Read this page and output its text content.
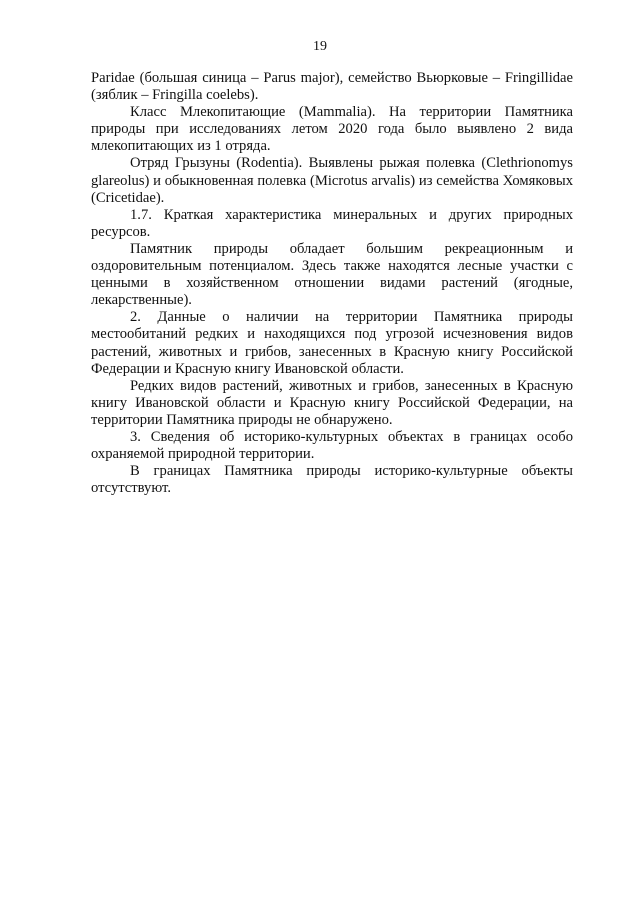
19

Paridae (большая синица – Parus major), семейство Вьюрковые – Fringillidae (зяблик – Fringilla coelebs).

Класс Млекопитающие (Mammalia). На территории Памятника природы при исследованиях летом 2020 года было выявлено 2 вида млекопитающих из 1 отряда.

Отряд Грызуны (Rodentia). Выявлены рыжая полевка (Clethrionomys glareolus) и обыкновенная полевка (Microtus arvalis) из семейства Хомяковых (Cricetidae).

1.7. Краткая характеристика минеральных и других природных ресурсов.

Памятник природы обладает большим рекреационным и оздоровительным потенциалом. Здесь также находятся лесные участки с ценными в хозяйственном отношении видами растений (ягодные, лекарственные).

2. Данные о наличии на территории Памятника природы местообитаний редких и находящихся под угрозой исчезновения видов растений, животных и грибов, занесенных в Красную книгу Российской Федерации и Красную книгу Ивановской области.

Редких видов растений, животных и грибов, занесенных в Красную книгу Ивановской области и Красную книгу Российской Федерации, на территории Памятника природы не обнаружено.

3. Сведения об историко-культурных объектах в границах особо охраняемой природной территории.

В границах Памятника природы историко-культурные объекты отсутствуют.
